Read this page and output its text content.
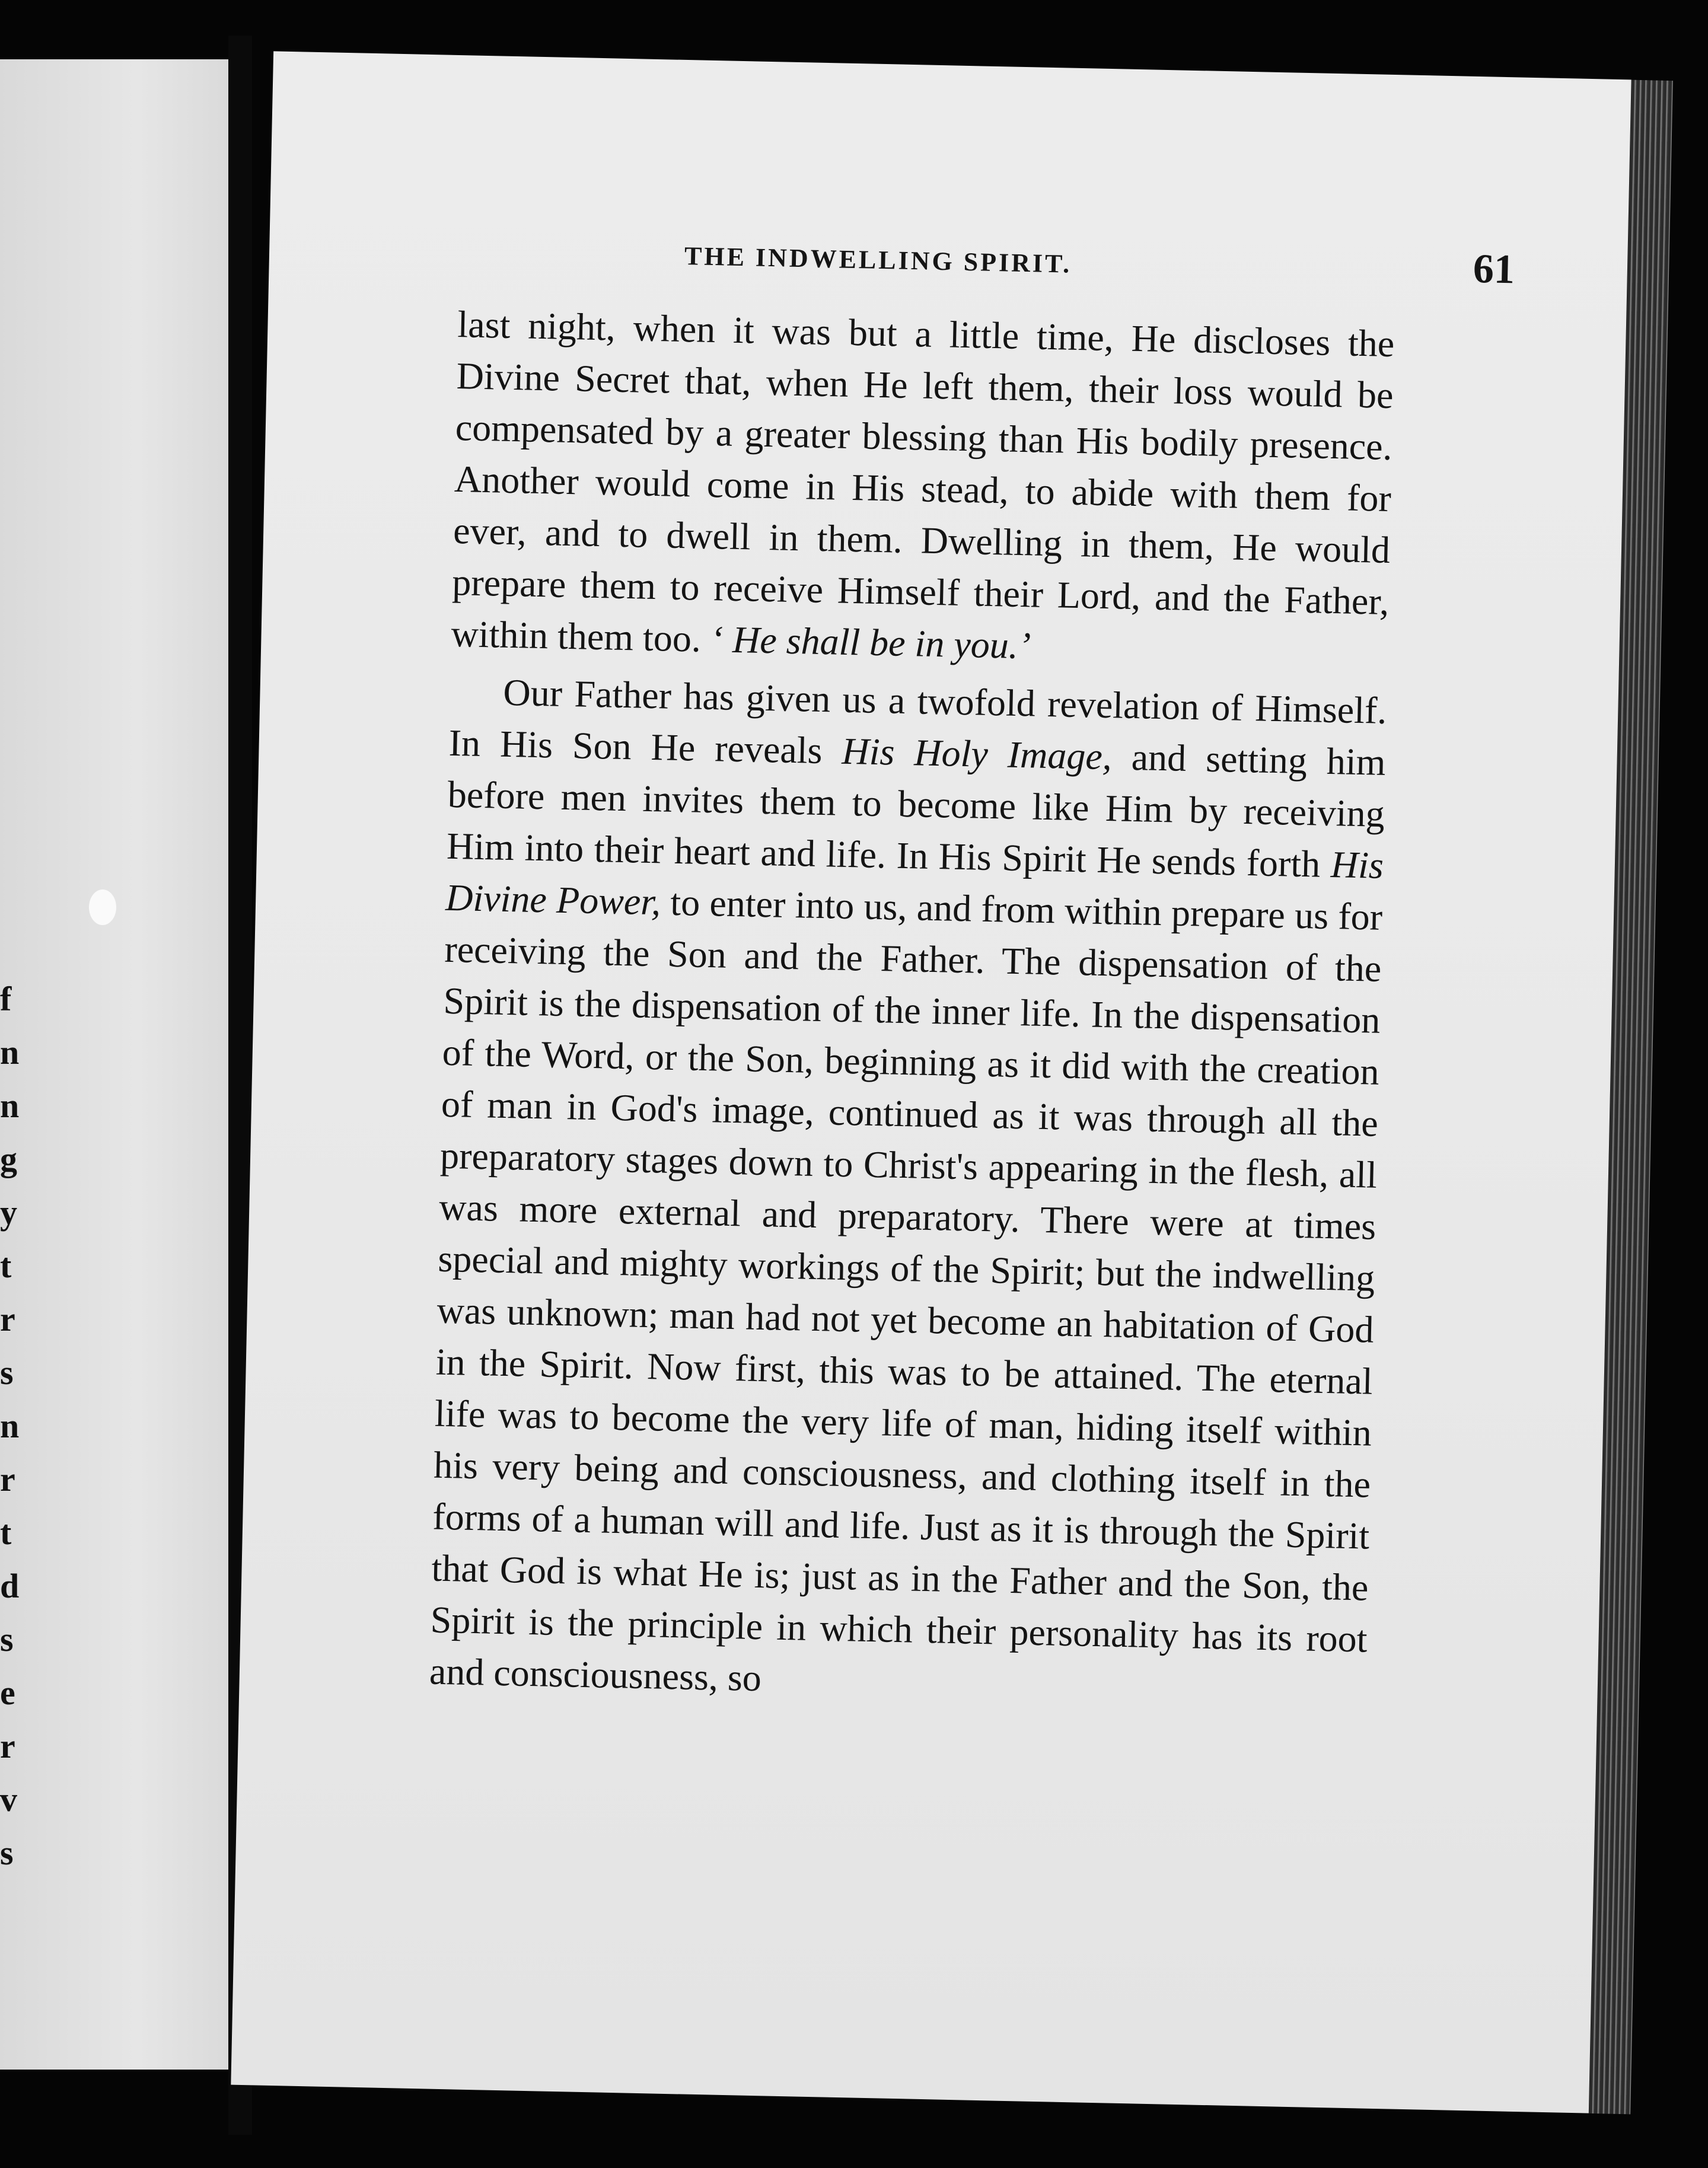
f
n
n
g
y
t
r
s
n
r
t
d
s
e
r
v
s
THE INDWELLING SPIRIT.	61

last night, when it was but a little time, He discloses the Divine Secret that, when He left them, their loss would be compensated by a greater blessing than His bodily presence. Another would come in His stead, to abide with them for ever, and to dwell in them. Dwelling in them, He would prepare them to receive Himself their Lord, and the Father, within them too. ‘ He shall be in you.’

Our Father has given us a twofold revelation of Himself. In His Son He reveals His Holy Image, and setting him before men invites them to become like Him by receiving Him into their heart and life. In His Spirit He sends forth His Divine Power, to enter into us, and from within prepare us for receiving the Son and the Father. The dispensation of the Spirit is the dispensation of the inner life. In the dispensation of the Word, or the Son, beginning as it did with the creation of man in God's image, continued as it was through all the preparatory stages down to Christ's appearing in the flesh, all was more external and preparatory. There were at times special and mighty workings of the Spirit; but the indwelling was unknown; man had not yet become an habitation of God in the Spirit. Now first, this was to be attained. The eternal life was to become the very life of man, hiding itself within his very being and consciousness, and clothing itself in the forms of a human will and life. Just as it is through the Spirit that God is what He is; just as in the Father and the Son, the Spirit is the principle in which their personality has its root and consciousness, so
